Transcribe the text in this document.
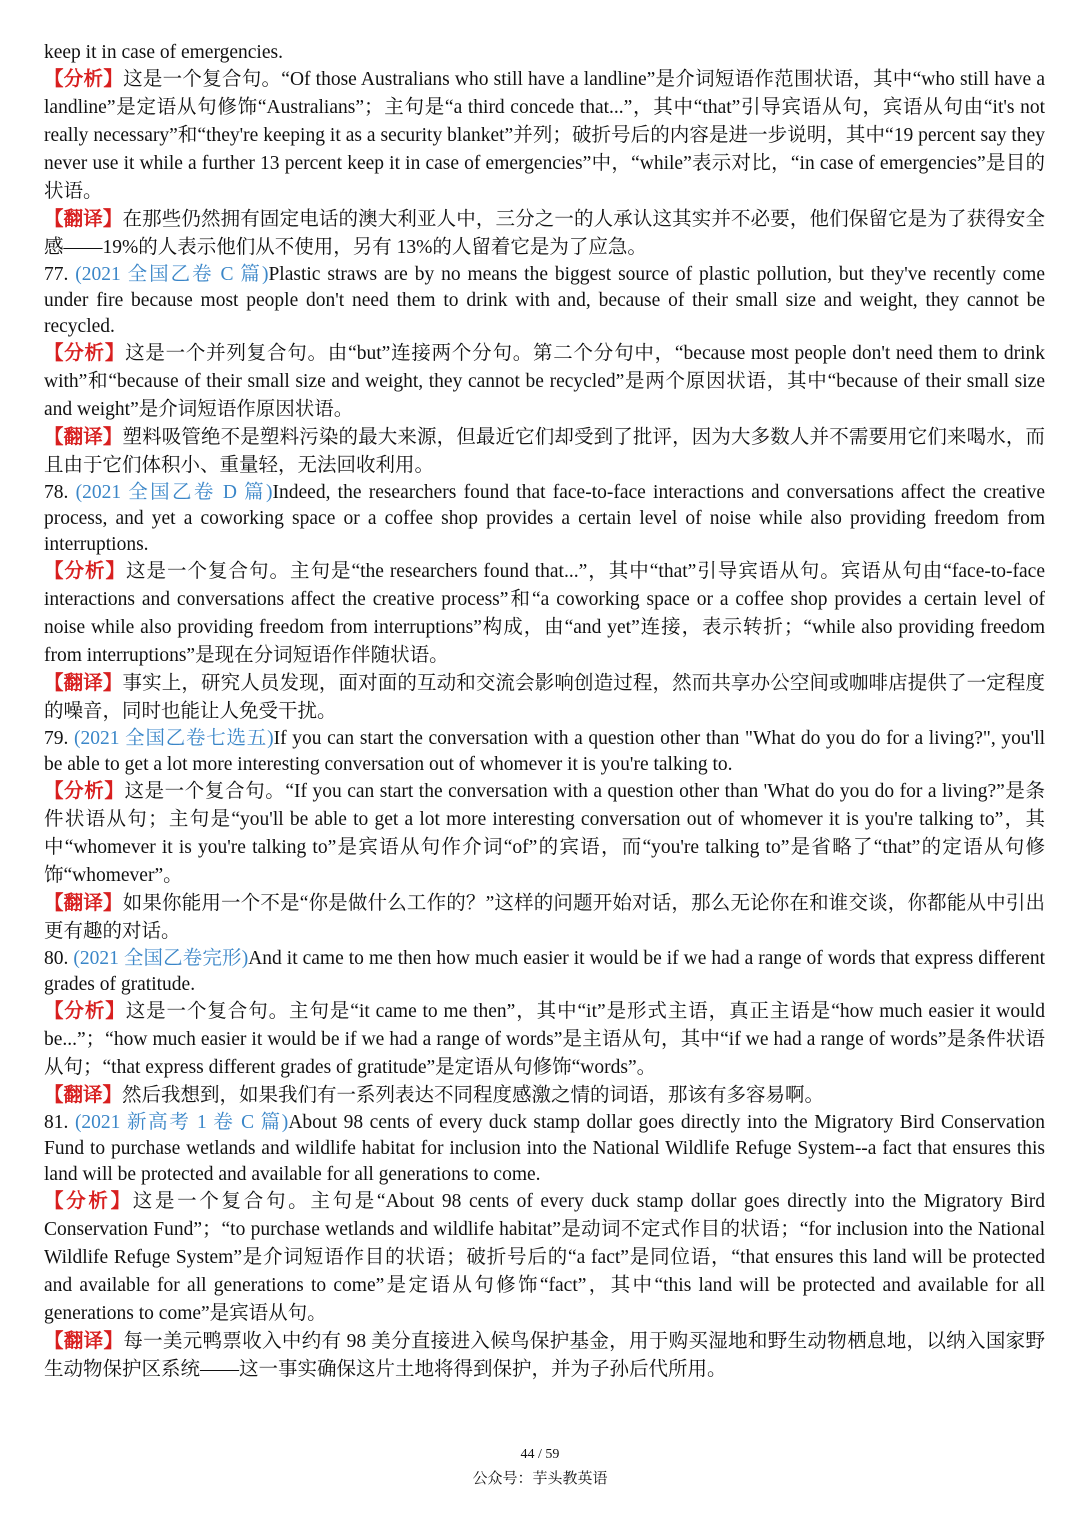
keep it in case of emergencies.

【分析】这是一个复合句。“Of those Australians who still have a landline”是介词短语作范围状语，其中“who still have a landline”是定语从句修饰“Australians”；主句是“a third concede that...”，其中“that”引导宾语从句，宾语从句由“it's not really necessary”和“they're keeping it as a security blanket”并列；破折号后的内容是进一步说明，其中“19 percent say they never use it while a further 13 percent keep it in case of emergencies”中，“while”表示对比，“in case of emergencies”是目的状语。

【翻译】在那些仍然拥有固定电话的澳大利亚人中，三分之一的人承认这其实并不必要，他们保留它是为了获得安全感——19%的人表示他们从不使用，另有 13%的人留着它是为了应急。

77. (2021 全国乙卷 C 篇)Plastic straws are by no means the biggest source of plastic pollution, but they've recently come under fire because most people don't need them to drink with and, because of their small size and weight, they cannot be recycled.

【分析】这是一个并列复合句。由“but”连接两个分句。第二个分句中，“because most people don't need them to drink with”和“because of their small size and weight, they cannot be recycled”是两个原因状语，其中“because of their small size and weight”是介词短语作原因状语。

【翻译】塑料吸管绝不是塑料污染的最大来源，但最近它们却受到了批评，因为大多数人并不需要用它们来喝水，而且由于它们体积小、重量轻，无法回收利用。

78. (2021 全国乙卷 D 篇)Indeed, the researchers found that face-to-face interactions and conversations affect the creative process, and yet a coworking space or a coffee shop provides a certain level of noise while also providing freedom from interruptions.

【分析】这是一个复合句。主句是“the researchers found that...”，其中“that”引导宾语从句。宾语从句由“face-to-face interactions and conversations affect the creative process”和“a coworking space or a coffee shop provides a certain level of noise while also providing freedom from interruptions”构成，由“and yet”连接，表示转折；“while also providing freedom from interruptions”是现在分词短语作伴随状语。

【翻译】事实上，研究人员发现，面对面的互动和交流会影响创造过程，然而共享办公空间或咖啡店提供了一定程度的噪音，同时也能让人免受干扰。

79. (2021 全国乙卷七选五)If you can start the conversation with a question other than "What do you do for a living?", you'll be able to get a lot more interesting conversation out of whomever it is you're talking to.

【分析】这是一个复合句。“If you can start the conversation with a question other than 'What do you do for a living?”是条件状语从句；主句是“you'll be able to get a lot more interesting conversation out of whomever it is you're talking to”，其中“whomever it is you're talking to”是宾语从句作介词“of”的宾语，而“you're talking to”是省略了“that”的定语从句修饰“whomever”。

【翻译】如果你能用一个不是“你是做什么工作的？”这样的问题开始对话，那么无论你在和谁交谈，你都能从中引出更有趣的对话。

80. (2021 全国乙卷完形)And it came to me then how much easier it would be if we had a range of words that express different grades of gratitude.

【分析】这是一个复合句。主句是“it came to me then”，其中“it”是形式主语，真正主语是“how much easier it would be...”；“how much easier it would be if we had a range of words”是主语从句，其中“if we had a range of words”是条件状语从句；“that express different grades of gratitude”是定语从句修饰“words”。

【翻译】然后我想到，如果我们有一系列表达不同程度感激之情的词语，那该有多容易啊。

81. (2021 新高考 1 卷 C 篇)About 98 cents of every duck stamp dollar goes directly into the Migratory Bird Conservation Fund to purchase wetlands and wildlife habitat for inclusion into the National Wildlife Refuge System--a fact that ensures this land will be protected and available for all generations to come.

【分析】这是一个复合句。主句是“About 98 cents of every duck stamp dollar goes directly into the Migratory Bird Conservation Fund”；“to purchase wetlands and wildlife habitat”是动词不定式作目的状语；“for inclusion into the National Wildlife Refuge System”是介词短语作目的状语；破折号后的“a fact”是同位语，“that ensures this land will be protected and available for all generations to come”是定语从句修饰“fact”，其中“this land will be protected and available for all generations to come”是宾语从句。

【翻译】每一美元鸭票收入中约有 98 美分直接进入候鸟保护基金，用于购买湿地和野生动物栖息地，以纳入国家野生动物保护区系统——这一事实确保这片土地将得到保护，并为子孙后代所用。

44 / 59
公众号：芋头教英语
